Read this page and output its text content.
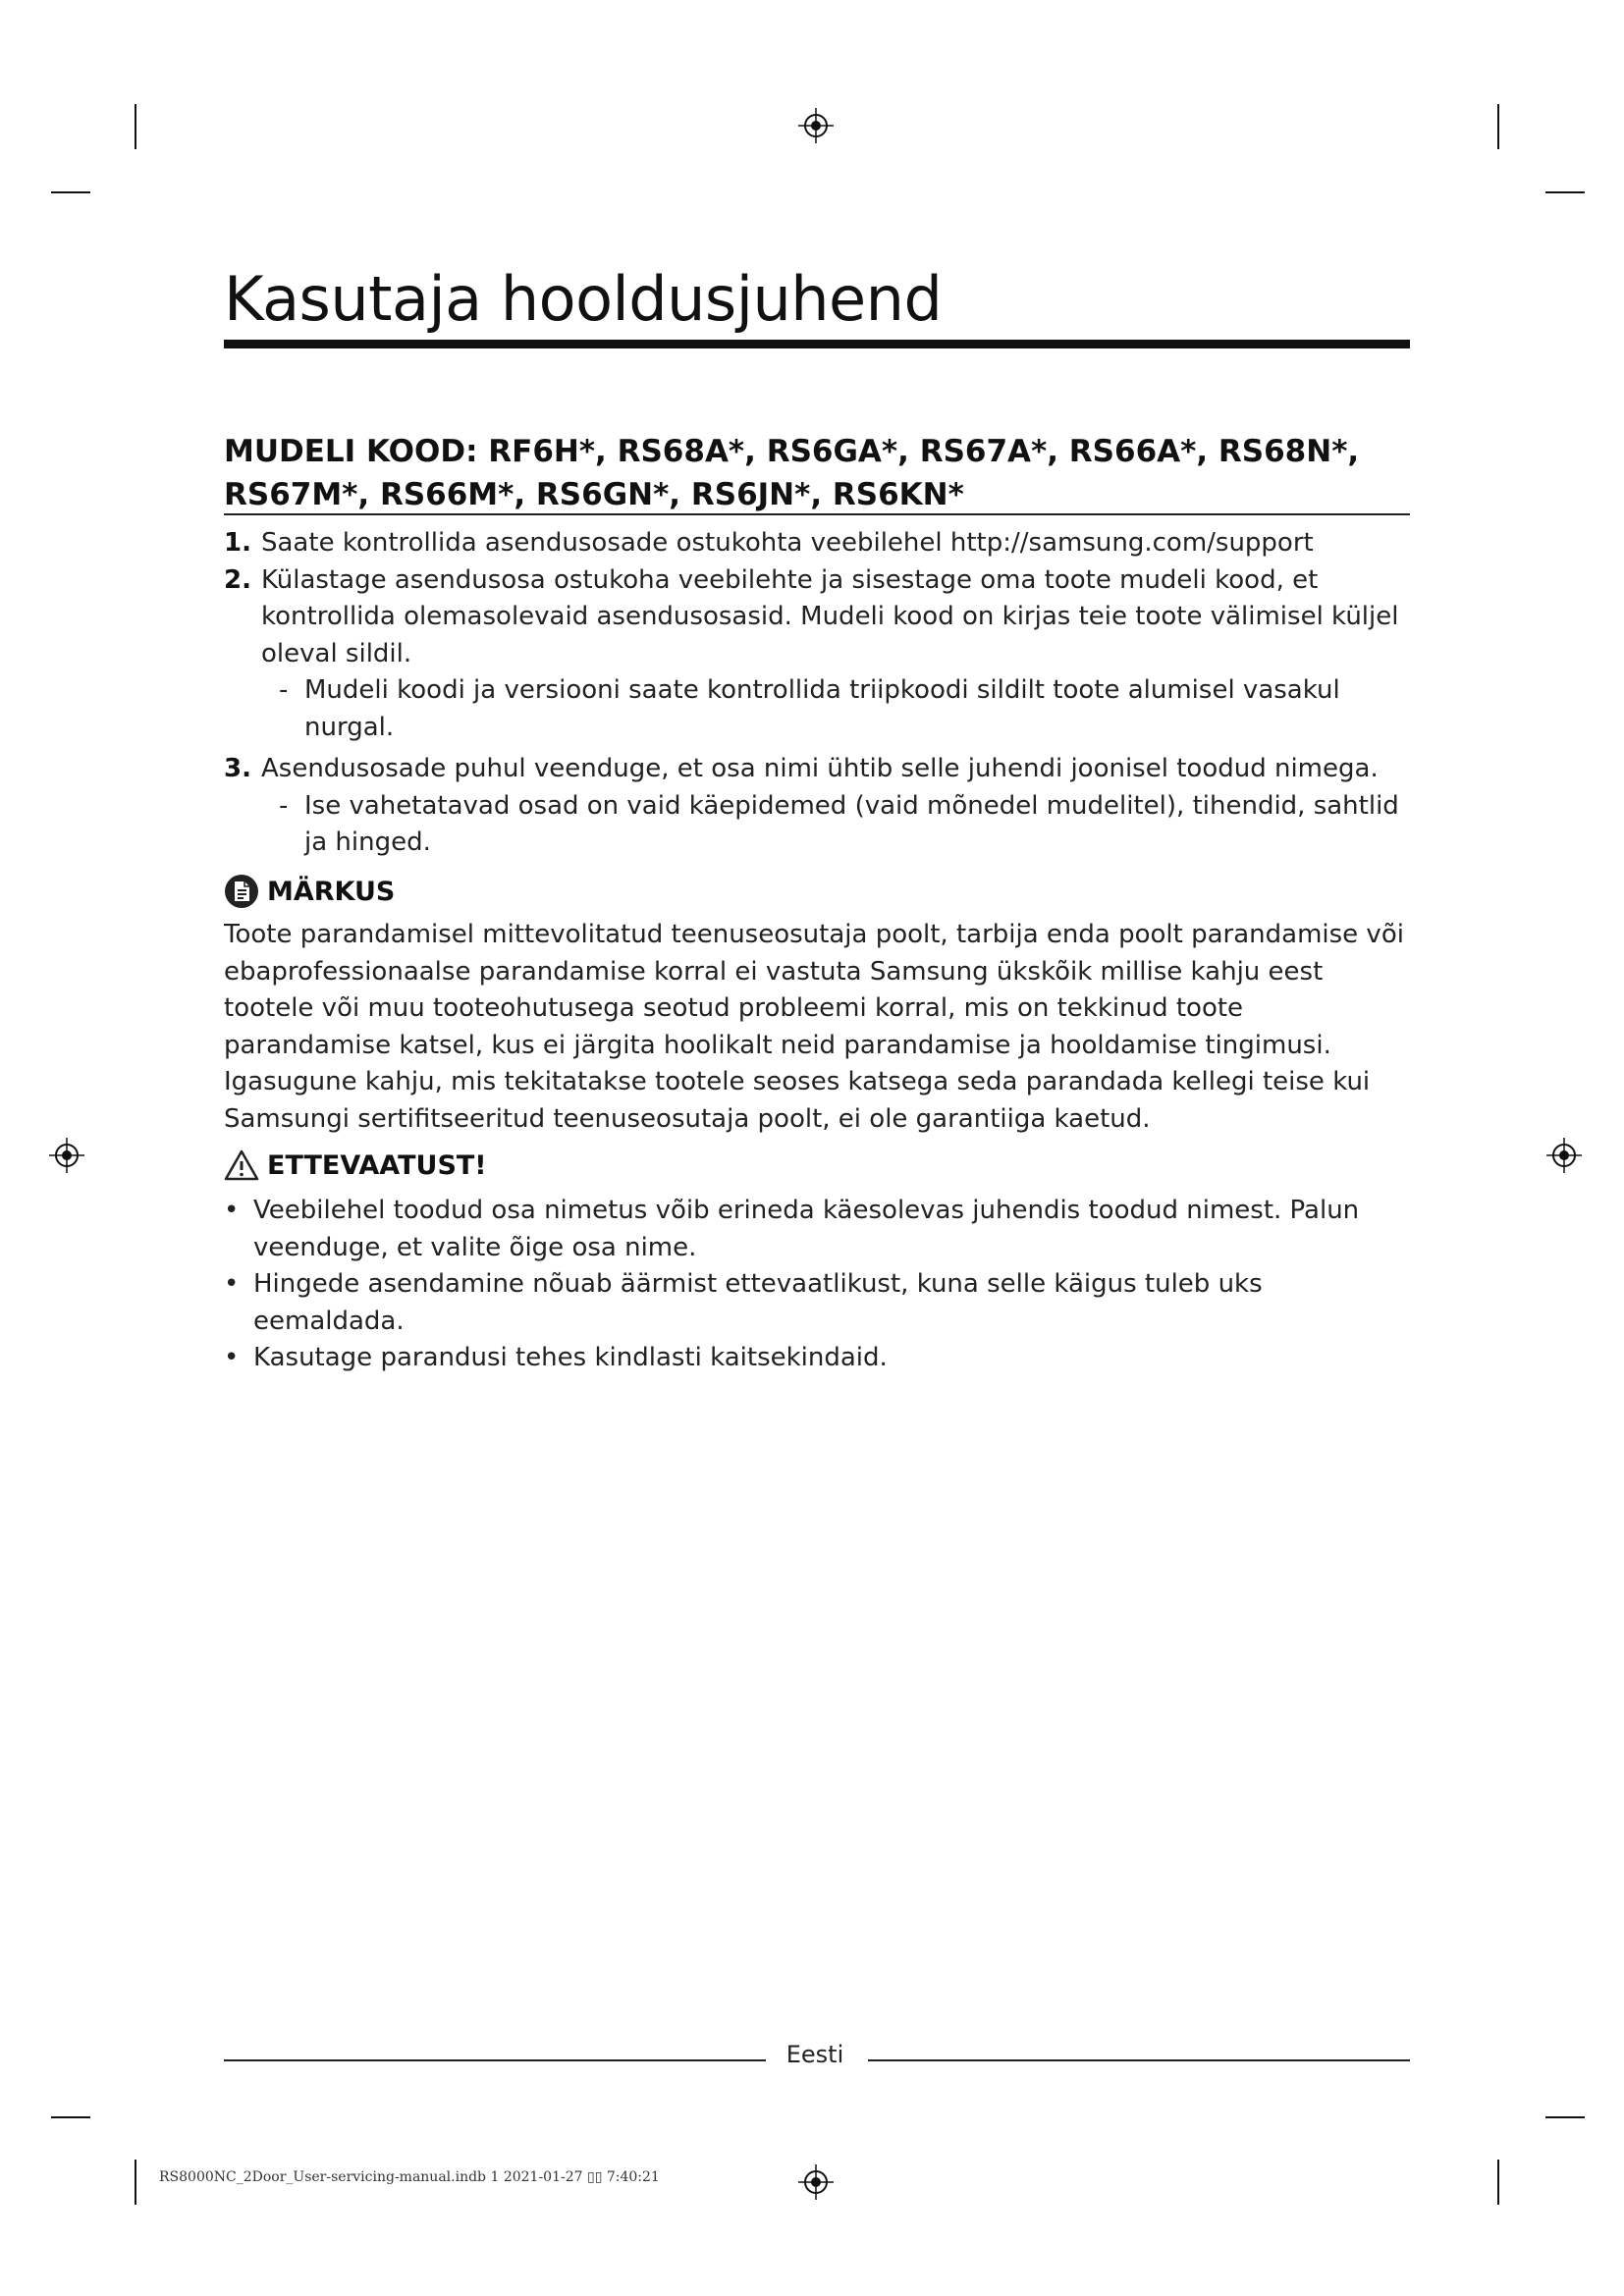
Kasutaja hooldusjuhend
MUDELI KOOD: RF6H*, RS68A*, RS6GA*, RS67A*, RS66A*, RS68N*, RS67M*, RS66M*, RS6GN*, RS6JN*, RS6KN*
1. Saate kontrollida asendusosade ostukohta veebilehel http://samsung.com/support
2. Külastage asendusosa ostukoha veebilehte ja sisestage oma toote mudeli kood, et kontrollida olemasolevaid asendusosasid. Mudeli kood on kirjas teie toote välimisel küljel oleval sildil.
- Mudeli koodi ja versiooni saate kontrollida triipkoodi sildilt toote alumisel vasakul nurgal.
3. Asendusosade puhul veenduge, et osa nimi ühtib selle juhendi joonisel toodud nimega.
- Ise vahetatavad osad on vaid käepidemed (vaid mõnedel mudelitel), tihendid, sahtlid ja hinged.
MÄRKUS

Toote parandamisel mittevolitatud teenuseosutaja poolt, tarbija enda poolt parandamise või ebaprofessionaalse parandamise korral ei vastuta Samsung ükskõik millise kahju eest tootele või muu tooteohutusega seotud probleemi korral, mis on tekkinud toote parandamise katsel, kus ei järgita hoolikalt neid parandamise ja hooldamise tingimusi. Igasugune kahju, mis tekitatakse tootele seoses katsega seda parandada kellegi teise kui Samsungi sertifitseeritud teenuseosutaja poolt, ei ole garantiiga kaetud.

ETTEVAATUST!
• Veebilehel toodud osa nimetus võib erineda käesolevas juhendis toodud nimest. Palun veenduge, et valite õige osa nime.
• Hingede asendamine nõuab äärmist ettevaatlikust, kuna selle käigus tuleb uks eemaldada.
• Kasutage parandusi tehes kindlasti kaitsekindaid.
Eesti
RS8000NC_2Door_User-servicing-manual.indb 1 2021-01-27 ▯▯ 7:40:21
